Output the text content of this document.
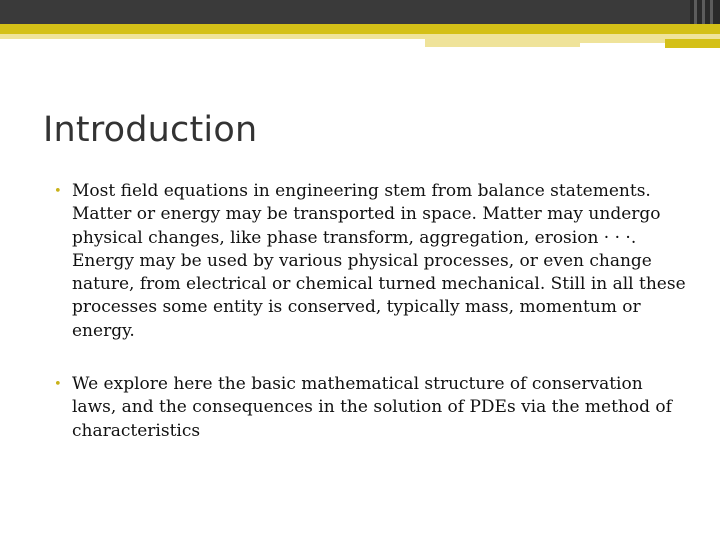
Introduction
• Most field equations in engineering stem from balance statements. Matter or energy may be transported in space. Matter may undergo physical changes, like phase transform, aggregation, erosion · · ·. Energy may be used by various physical processes, or even change nature, from electrical or chemical turned mechanical. Still in all these processes some entity is conserved, typically mass, momentum or energy.
• We explore here the basic mathematical structure of conservation laws, and the consequences in the solution of PDEs via the method of characteristics
